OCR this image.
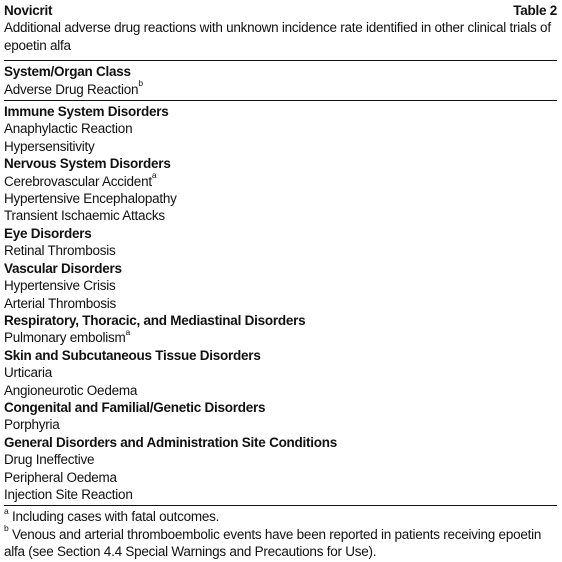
Novicrit	Table 2
Additional adverse drug reactions with unknown incidence rate identified in other clinical trials of epoetin alfa
System/Organ Class
Adverse Drug Reaction$^b$
Immune System Disorders
Anaphylactic Reaction
Hypersensitivity
Nervous System Disorders
Cerebrovascular Accident$^a$
Hypertensive Encephalopathy
Transient Ischaemic Attacks
Eye Disorders
Retinal Thrombosis
Vascular Disorders
Hypertensive Crisis
Arterial Thrombosis
Respiratory, Thoracic, and Mediastinal Disorders
Pulmonary embolism$^a$
Skin and Subcutaneous Tissue Disorders
Urticaria
Angioneurotic Oedema
Congenital and Familial/Genetic Disorders
Porphyria
General Disorders and Administration Site Conditions
Drug Ineffective
Peripheral Oedema
Injection Site Reaction
$^a$ Including cases with fatal outcomes.
$^b$ Venous and arterial thromboembolic events have been reported in patients receiving epoetin alfa (see Section 4.4 Special Warnings and Precautions for Use).
